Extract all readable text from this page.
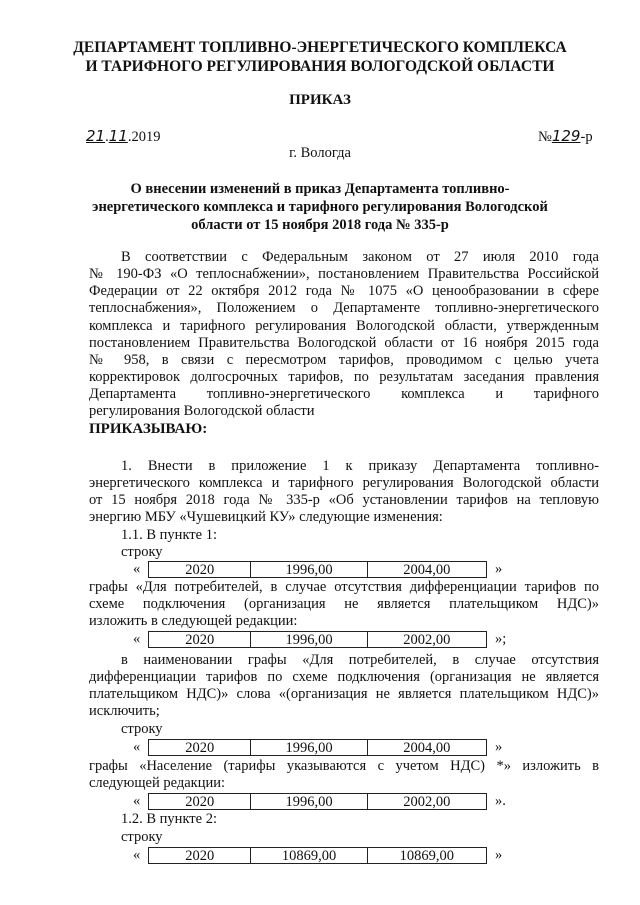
ДЕПАРТАМЕНТ ТОПЛИВНО-ЭНЕРГЕТИЧЕСКОГО КОМПЛЕКСА
И ТАРИФНОГО РЕГУЛИРОВАНИЯ ВОЛОГОДСКОЙ ОБЛАСТИ
ПРИКАЗ
21.11.2019	№129-р
г. Вологда
О внесении изменений в приказ Департамента топливно-
энергетического комплекса и тарифного регулирования Вологодской
области от 15 ноября 2018 года № 335-р
В соответствии с Федеральным законом от 27 июля 2010 года
№ 190-ФЗ «О теплоснабжении», постановлением Правительства Российской
Федерации от 22 октября 2012 года № 1075 «О ценообразовании в сфере
теплоснабжения», Положением о Департаменте топливно-энергетического
комплекса и тарифного регулирования Вологодской области, утвержденным
постановлением Правительства Вологодской области от 16 ноября 2015 года
№ 958, в связи с пересмотром тарифов, проводимом с целью учета
корректировок долгосрочных тарифов, по результатам заседания правления
Департамента топливно-энергетического комплекса и тарифного
регулирования Вологодской области
ПРИКАЗЫВАЮ:
1. Внести в приложение 1 к приказу Департамента топливно-
энергетического комплекса и тарифного регулирования Вологодской области
от 15 ноября 2018 года № 335-р «Об установлении тарифов на тепловую
энергию МБУ «Чушевицкий КУ» следующие изменения:
1.1. В пункте 1:
строку
«	2020	1996,00	2004,00	»
графы «Для потребителей, в случае отсутствия дифференциации тарифов по
схеме подключения (организация не является плательщиком НДС)»
изложить в следующей редакции:
«	2020	1996,00	2002,00	»;
в наименовании графы «Для потребителей, в случае отсутствия
дифференциации тарифов по схеме подключения (организация не является
плательщиком НДС)» слова «(организация не является плательщиком НДС)»
исключить;
строку
«	2020	1996,00	2004,00	»
графы «Население (тарифы указываются с учетом НДС) *» изложить в
следующей редакции:
«	2020	1996,00	2002,00	».
1.2. В пункте 2:
строку
«	2020	10869,00	10869,00	»
